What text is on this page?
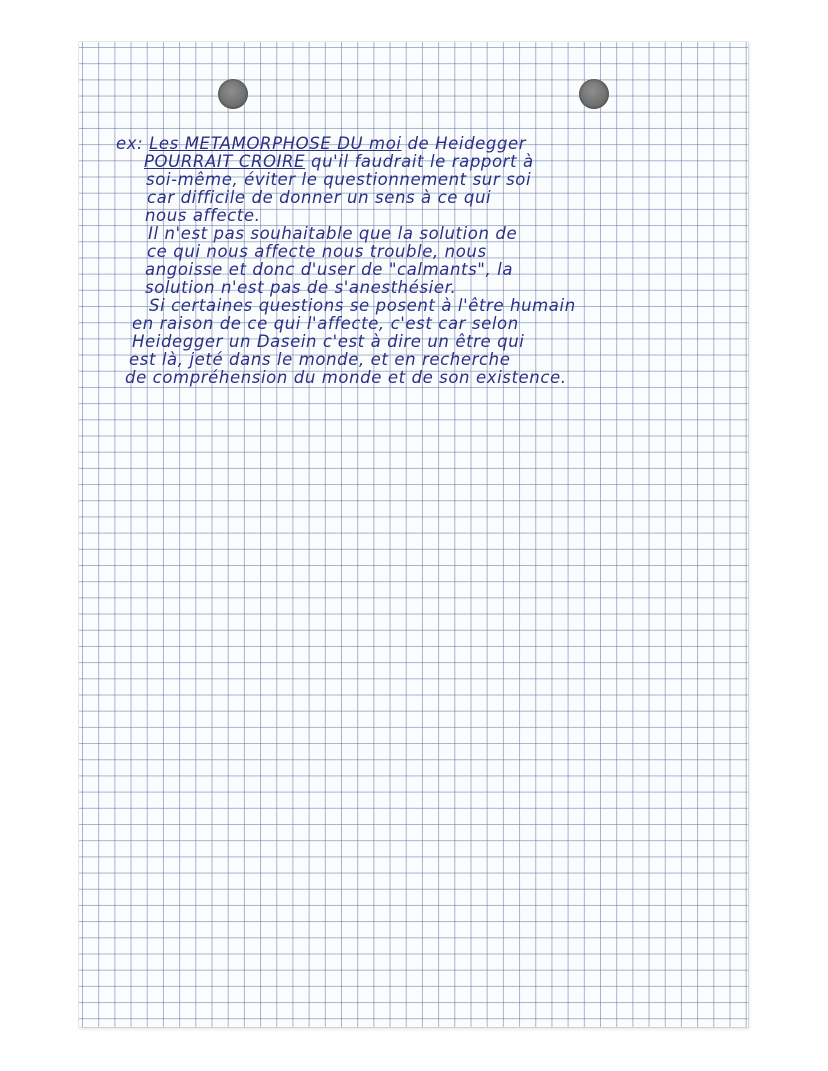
ex: Les METAMORPHOSE DU moi de Heidegger
POURRAIT CROIRE qu'il faudrait le rapport à
soi-même, éviter le questionnement sur soi
car difficile de donner un sens à ce qui
nous affecte.
Il n'est pas souhaitable que la solution de
ce qui nous affecte nous trouble, nous
angoisse et donc d'user de "calmants", la
solution n'est pas de s'anesthésier.
Si certaines questions se posent à l'être humain
en raison de ce qui l'affecte, c'est car selon
Heidegger un Dasein c'est à dire un être qui
est là, jeté dans le monde, et en recherche
de compréhension du monde et de son existence.
